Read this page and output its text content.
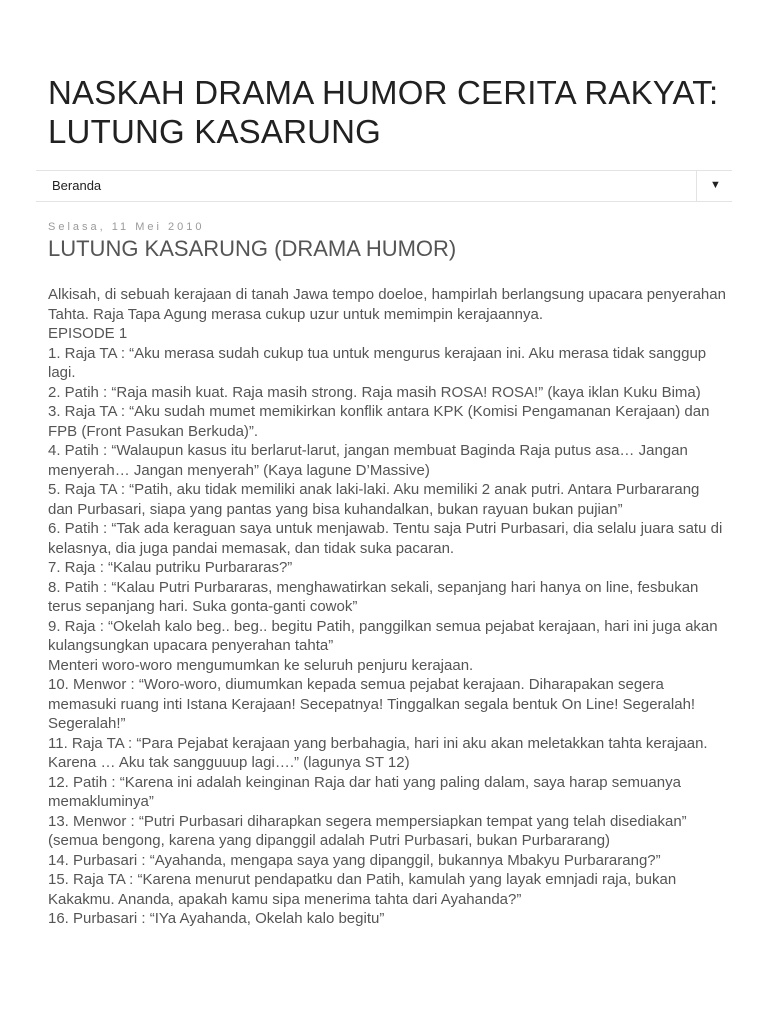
NASKAH DRAMA HUMOR CERITA RAKYAT: LUTUNG KASARUNG
Beranda	▼
Selasa, 11 Mei 2010
LUTUNG KASARUNG (DRAMA HUMOR)
Alkisah, di sebuah kerajaan di tanah Jawa tempo doeloe, hampirlah berlangsung upacara penyerahan Tahta. Raja Tapa Agung merasa cukup uzur untuk memimpin kerajaannya.
EPISODE 1
1. Raja TA : “Aku merasa sudah cukup tua untuk mengurus kerajaan ini. Aku merasa tidak sanggup lagi.
2. Patih : “Raja masih kuat. Raja masih strong. Raja masih ROSA! ROSA!” (kaya iklan Kuku Bima)
3. Raja TA : “Aku sudah mumet memikirkan konflik antara KPK (Komisi Pengamanan Kerajaan) dan FPB (Front Pasukan Berkuda)”.
4. Patih : “Walaupun kasus itu berlarut-larut, jangan membuat Baginda Raja putus asa… Jangan menyerah… Jangan menyerah” (Kaya lagune D’Massive)
5. Raja TA : “Patih, aku tidak memiliki anak laki-laki. Aku memiliki 2 anak putri. Antara Purbararang dan Purbasari, siapa yang pantas yang bisa kuhandalkan, bukan rayuan bukan pujian”
6. Patih : “Tak ada keraguan saya untuk menjawab. Tentu saja Putri Purbasari, dia selalu juara satu di kelasnya, dia juga pandai memasak, dan tidak suka pacaran.
7. Raja : “Kalau putriku Purbararas?”
8. Patih : “Kalau Putri Purbararas, menghawatirkan sekali, sepanjang hari hanya on line, fesbukan terus sepanjang hari. Suka gonta-ganti cowok”
9. Raja : “Okelah kalo beg.. beg.. begitu Patih, panggilkan semua pejabat kerajaan, hari ini juga akan kulangsungkan upacara penyerahan tahta”
Menteri woro-woro mengumumkan ke seluruh penjuru kerajaan.
10. Menwor : “Woro-woro, diumumkan kepada semua pejabat kerajaan. Diharapakan segera memasuki ruang inti Istana Kerajaan! Secepatnya! Tinggalkan segala bentuk On Line! Segeralah! Segeralah!”
11. Raja TA : “Para Pejabat kerajaan yang berbahagia, hari ini aku akan meletakkan tahta kerajaan. Karena … Aku tak sangguuup lagi….” (lagunya ST 12)
12. Patih : “Karena ini adalah keinginan Raja dar hati yang paling dalam, saya harap semuanya memakluminya”
13. Menwor : “Putri Purbasari diharapkan segera mempersiapkan tempat yang telah disediakan”
(semua bengong, karena yang dipanggil adalah Putri Purbasari, bukan Purbararang)
14. Purbasari : “Ayahanda, mengapa saya yang dipanggil, bukannya Mbakyu Purbararang?”
15. Raja TA : “Karena menurut pendapatku dan Patih, kamulah yang layak emnjadi raja, bukan Kakakmu. Ananda, apakah kamu sipa menerima tahta dari Ayahanda?”
16. Purbasari : “IYa Ayahanda, Okelah kalo begitu”
